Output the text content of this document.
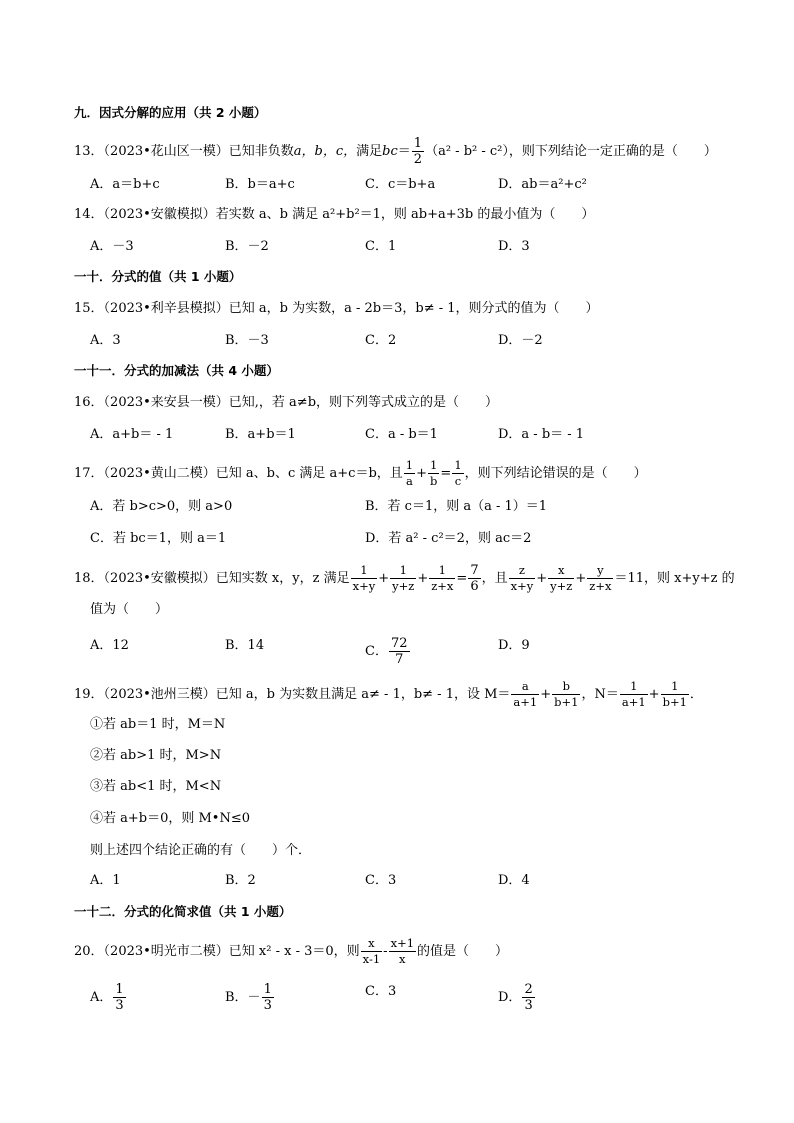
九．因式分解的应用（共 2 小题）
13．（2023•花山区一模）已知非负数a，b，c，满足$bc= \frac{1}{2} (a^2 - b^2 - c^2)$，则下列结论一定正确的是（　　）
A．a＝b+c	B．b＝a+c	C．c＝b+a	D．ab＝a²+c²
14．（2023•安徽模拟）若实数 a、b 满足 a²+b²＝1，则 ab+a+3b 的最小值为（　　）
A．－3	B．－2	C．1	D．3
一十．分式的值（共 1 小题）
15．（2023•利辛县模拟）已知 a，b 为实数，a - 2b＝3，b≠ - 1，则分式的值为（　　）
A．3	B．－3	C．2	D．－2
一十一．分式的加减法（共 4 小题）
16．（2023•来安县一模）已知,，若 a≠b，则下列等式成立的是（　　）
A．a+b＝ - 1	B．a+b＝1	C．a - b＝1	D．a - b＝ - 1
17．（2023•黄山二模）已知 a、b、c 满足 a+c＝b，且 $\frac{1}{a} + \frac{1}{b} = \frac{1}{c}$ ，则下列结论错误的是（　　）
A．若 b>c>0，则 a>0	B．若 c＝1，则 a（a - 1）＝1
C．若 bc＝1，则 a＝1	D．若 a² - c²＝2，则 ac＝2
18．（2023•安徽模拟）已知实数 x，y，z 满足 $\frac{1}{x+y} + \frac{1}{y+z} + \frac{1}{z+x} = \frac{7}{6}$ ，且 $\frac{z}{x+y} + \frac{x}{y+z} + \frac{y}{z+x} =11$，则 x+y+z 的
值为（　　）
A．12	B．14	C． $\frac{72}{7}$	D．9
19．（2023•池州三模）已知 a，b 为实数且满足 a≠ - 1，b≠ - 1，设 $M= \frac{a}{a+1} + \frac{b}{b+1}$ ，$N= \frac{1}{a+1} + \frac{1}{b+1}$ ．
①若 ab＝1 时，M＝N
②若 ab>1 时，M>N
③若 ab<1 时，M<N
④若 a+b＝0，则 M•N≤0
则上述四个结论正确的有（　　）个．
A．1	B．2	C．3	D．4
一十二．分式的化简求值（共 1 小题）
20．（2023•明光市二模）已知 x² - x - 3＝0，则 $\frac{x}{x-1} - \frac{x+1}{x}$ 的值是（　　）
A． $\frac{1}{3}$	B．－ $\frac{1}{3}$	C．3	D． $\frac{2}{3}$
